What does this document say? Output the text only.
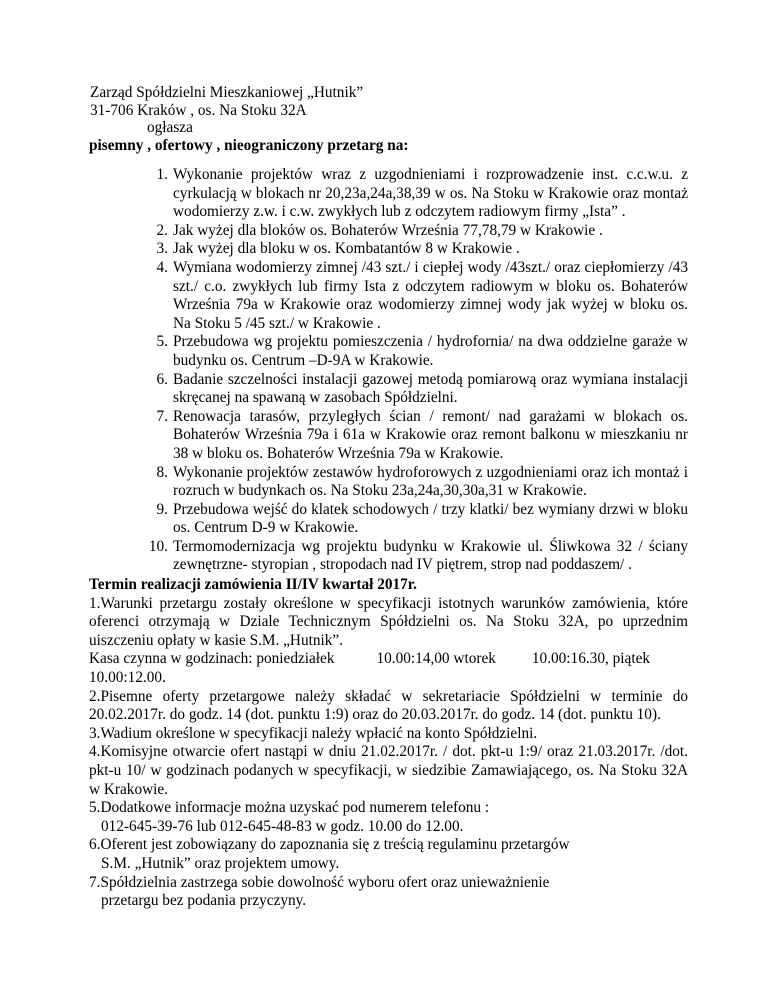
Zarząd Spółdzielni Mieszkaniowej „Hutnik”
31-706 Kraków , os. Na Stoku 32A
ogłasza
pisemny , ofertowy , nieograniczony przetarg na:
1. Wykonanie projektów wraz z uzgodnieniami i rozprowadzenie inst. c.c.w.u. z cyrkulacją w blokach nr 20,23a,24a,38,39 w os. Na Stoku w Krakowie oraz montaż wodomierzy z.w. i c.w. zwykłych lub z odczytem radiowym firmy „Ista” .
2. Jak wyżej dla bloków os. Bohaterów Września 77,78,79 w Krakowie .
3. Jak wyżej dla bloku w os. Kombatantów 8 w Krakowie .
4. Wymiana wodomierzy zimnej /43 szt./ i ciepłej wody /43szt./ oraz ciepłomierzy /43 szt./ c.o. zwykłych lub firmy Ista z odczytem radiowym w bloku os. Bohaterów Września 79a w Krakowie oraz wodomierzy zimnej wody jak wyżej w bloku os. Na Stoku 5 /45 szt./ w Krakowie .
5. Przebudowa wg projektu pomieszczenia / hydrofornia/ na dwa oddzielne garaże w budynku os. Centrum –D-9A w Krakowie.
6. Badanie szczelności instalacji gazowej metodą pomiarową oraz wymiana instalacji skręcanej na spawaną w zasobach Spółdzielni.
7. Renowacja tarasów, przyległych ścian / remont/ nad garażami w blokach os. Bohaterów Września 79a i 61a w Krakowie oraz remont balkonu w mieszkaniu nr 38 w bloku os. Bohaterów Września 79a w Krakowie.
8. Wykonanie projektów zestawów hydroforowych z uzgodnieniami oraz ich montaż i rozruch w budynkach os. Na Stoku 23a,24a,30,30a,31 w Krakowie.
9. Przebudowa wejść do klatek schodowych / trzy klatki/ bez wymiany drzwi w bloku os. Centrum D-9 w Krakowie.
10. Termomodernizacja wg projektu budynku w Krakowie ul. Śliwkowa 32 / ściany zewnętrzne- styropian , stropodach nad IV piętrem, strop nad poddaszem/ .

Termin realizacji zamówienia II/IV kwartał 2017r.

1.Warunki przetargu zostały określone w specyfikacji istotnych warunków zamówienia, które oferenci otrzymają w Dziale Technicznym Spółdzielni os. Na Stoku 32A, po uprzednim uiszczeniu opłaty w kasie S.M. „Hutnik”.

Kasa czynna w godzinach: poniedziałek	10.00:14,00 wtorek 10.00:16.30, piątek
10.00:12.00.

2.Pisemne oferty przetargowe należy składać w sekretariacie Spółdzielni w terminie do 20.02.2017r. do godz. 14 (dot. punktu 1:9) oraz do 20.03.2017r. do godz. 14 (dot. punktu 10).

3.Wadium określone w specyfikacji należy wpłacić na konto Spółdzielni.

4.Komisyjne otwarcie ofert nastąpi w dniu 21.02.2017r. / dot. pkt-u 1:9/ oraz 21.03.2017r. /dot. pkt-u 10/ w godzinach podanych w specyfikacji, w siedzibie Zamawiającego, os. Na Stoku 32A w Krakowie.

5.Dodatkowe informacje można uzyskać pod numerem telefonu :

012-645-39-76 lub 012-645-48-83 w godz. 10.00 do 12.00.

6.Oferent jest zobowiązany do zapoznania się z treścią regulaminu przetargów

S.M. „Hutnik” oraz projektem umowy.

7.Spółdzielnia zastrzega sobie dowolność wyboru ofert oraz unieważnienie

przetargu bez podania przyczyny.
